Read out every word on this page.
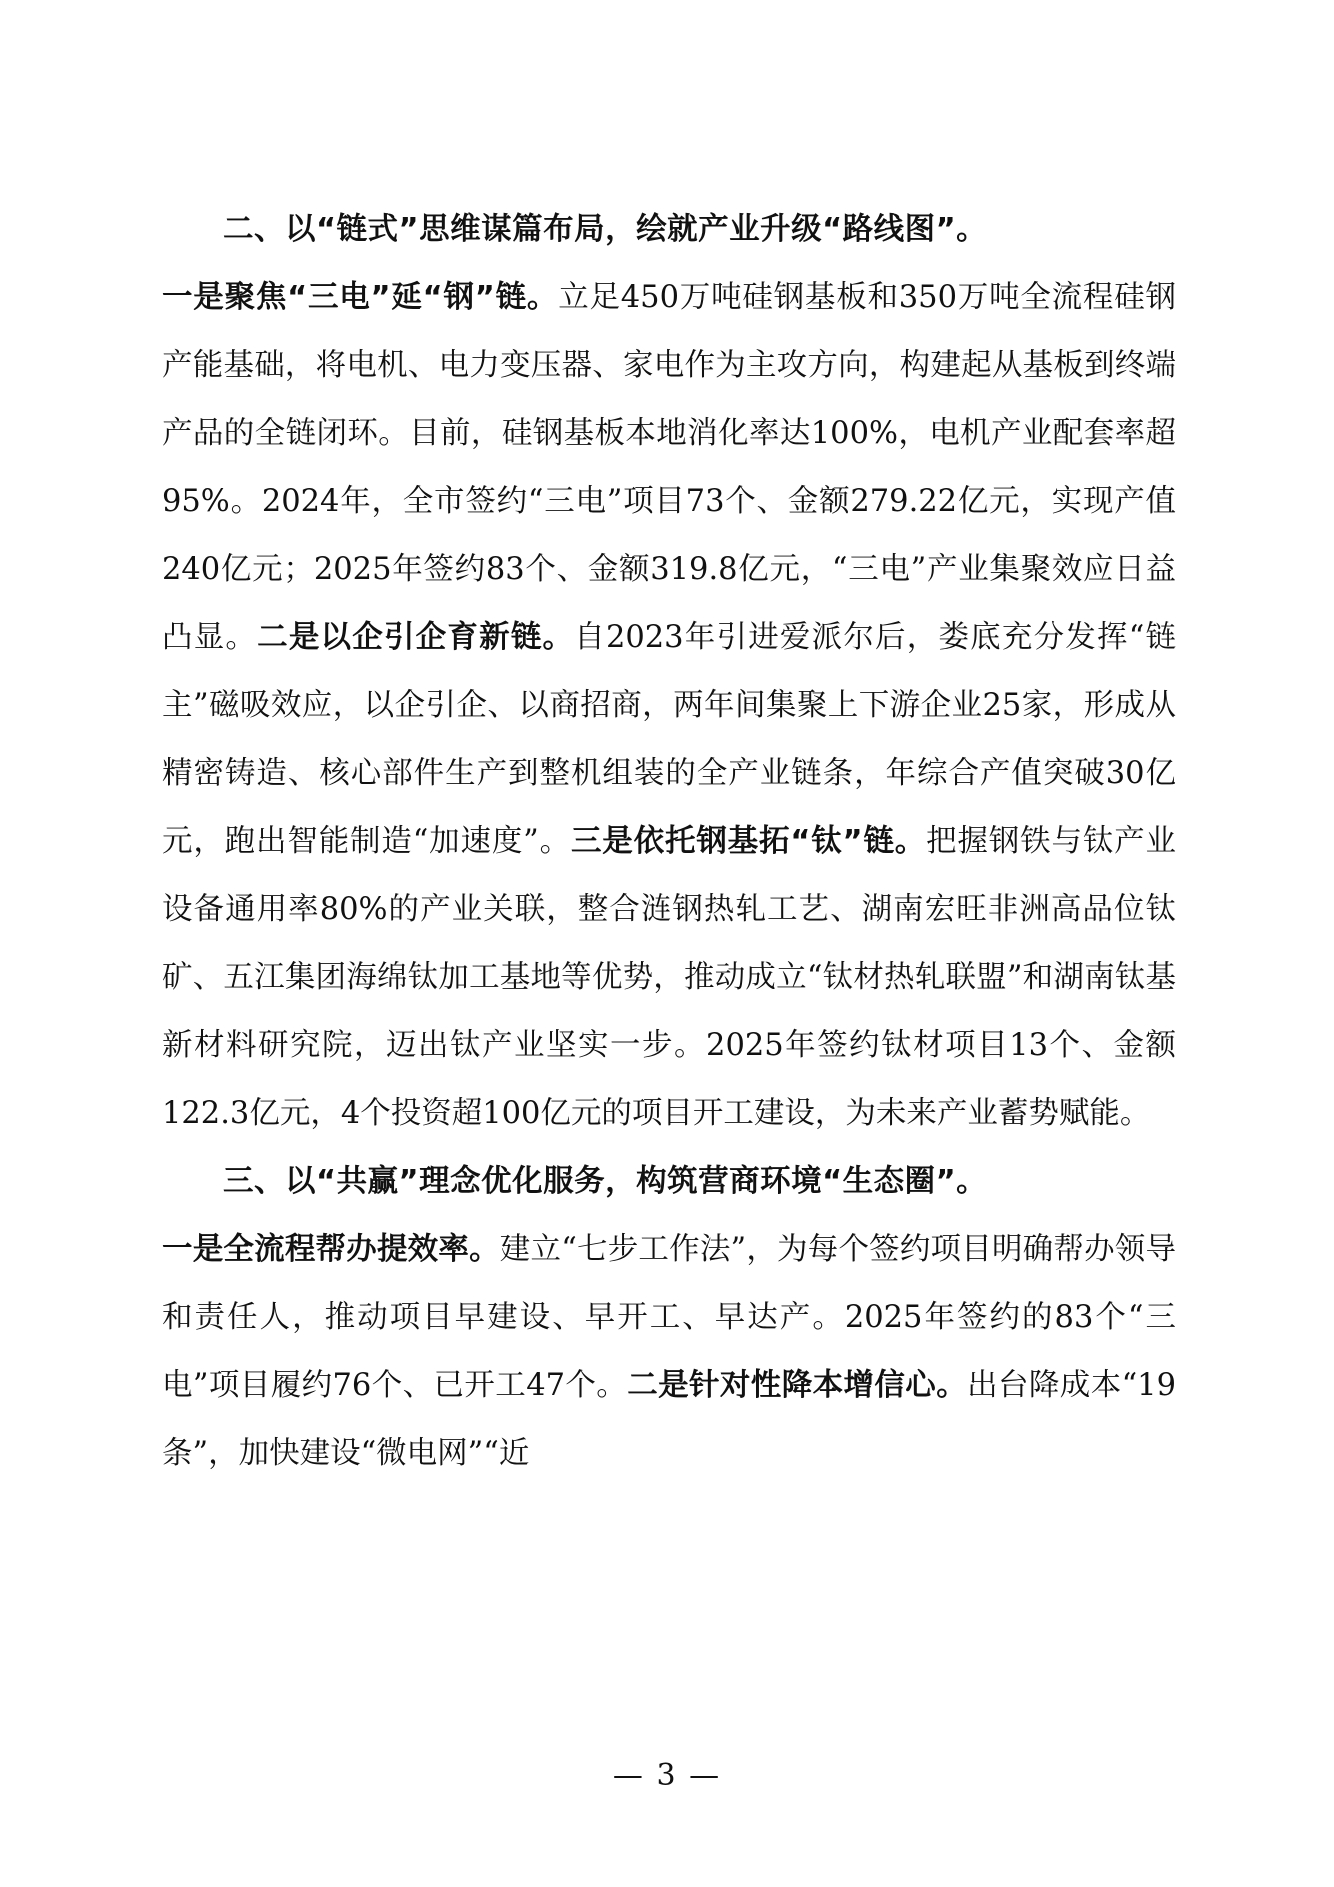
二、以“链式”思维谋篇布局，绘就产业升级“路线图”。

一是聚焦“三电”延“钢”链。立足450万吨硅钢基板和350万吨全流程硅钢产能基础，将电机、电力变压器、家电作为主攻方向，构建起从基板到终端产品的全链闭环。目前，硅钢基板本地消化率达100%，电机产业配套率超95%。2024年，全市签约“三电”项目73个、金额279.22亿元，实现产值240亿元；2025年签约83个、金额319.8亿元，“三电”产业集聚效应日益凸显。二是以企引企育新链。自2023年引进爱派尔后，娄底充分发挥“链主”磁吸效应，以企引企、以商招商，两年间集聚上下游企业25家，形成从精密铸造、核心部件生产到整机组装的全产业链条，年综合产值突破30亿元，跑出智能制造“加速度”。三是依托钢基拓“钛”链。把握钢铁与钛产业设备通用率80%的产业关联，整合涟钢热轧工艺、湖南宏旺非洲高品位钛矿、五江集团海绵钛加工基地等优势，推动成立“钛材热轧联盟”和湖南钛基新材料研究院，迈出钛产业坚实一步。2025年签约钛材项目13个、金额122.3亿元，4个投资超100亿元的项目开工建设，为未来产业蓄势赋能。

三、以“共赢”理念优化服务，构筑营商环境“生态圈”。

一是全流程帮办提效率。建立“七步工作法”，为每个签约项目明确帮办领导和责任人，推动项目早建设、早开工、早达产。2025年签约的83个“三电”项目履约76个、已开工47个。二是针对性降本增信心。出台降成本“19条”，加快建设“微电网”“近

— 3 —
